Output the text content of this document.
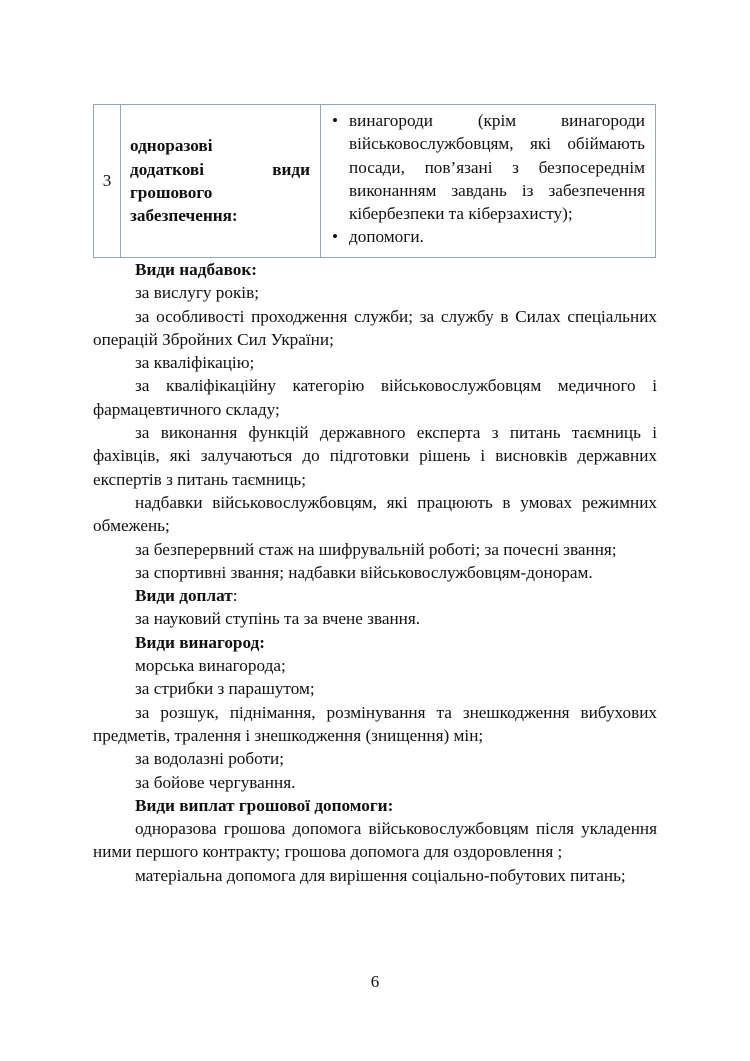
3	
одноразові
додаткові	види
грошового
забезпечення:

• винагороди (крім винагороди військовослужбовцям, які обіймають посади, пов’язані з безпосереднім виконанням завдань із забезпечення кібербезпеки та кіберзахисту);
• допомоги.

Види надбавок:

за вислугу років;

за особливості проходження служби; за службу в Силах спеціальних операцій Збройних Сил України;

за кваліфікацію;

за кваліфікаційну категорію військовослужбовцям медичного і фармацевтичного складу;

за виконання функцій державного експерта з питань таємниць і фахівців, які залучаються до підготовки рішень і висновків державних експертів з питань таємниць;

надбавки військовослужбовцям, які працюють в умовах режимних обмежень;

за безперервний стаж на шифрувальній роботі; за почесні звання;

за спортивні звання; надбавки військовослужбовцям-донорам.

Види доплат:

за науковий ступінь та за вчене звання.

Види винагород:

морська винагорода;

за стрибки з парашутом;

за розшук, піднімання, розмінування та знешкодження вибухових предметів, тралення і знешкодження (знищення) мін;

за водолазні роботи;

за бойове чергування.

Види виплат грошової допомоги:

одноразова грошова допомога військовослужбовцям після укладення ними першого контракту; грошова допомога для оздоровлення ;

матеріальна допомога для вирішення соціально-побутових питань;

6
